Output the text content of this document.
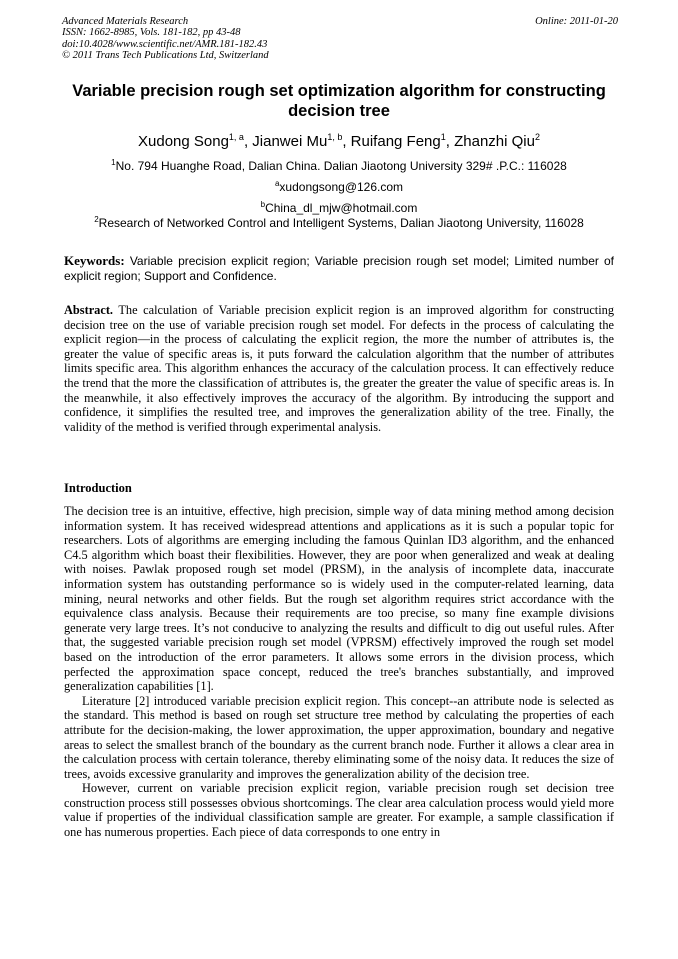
Advanced Materials Research
ISSN: 1662-8985, Vols. 181-182, pp 43-48
doi:10.4028/www.scientific.net/AMR.181-182.43
© 2011 Trans Tech Publications Ltd, Switzerland
Online: 2011-01-20
Variable precision rough set optimization algorithm for constructing decision tree
Xudong Song$^{1, a}$, Jianwei Mu$^{1, b}$, Ruifang Feng$^1$, Zhanzhi Qiu$^2$
$^1$No. 794 Huanghe Road, Dalian China. Dalian Jiaotong University 329# .P.C.: 116028
$^a$xudongsong@126.com
$^b$China_dl_mjw@hotmail.com
$^2$Research of Networked Control and Intelligent Systems, Dalian Jiaotong University, 116028
Keywords: Variable precision explicit region; Variable precision rough set model; Limited number of explicit region; Support and Confidence.

Abstract. The calculation of Variable precision explicit region is an improved algorithm for constructing decision tree on the use of variable precision rough set model. For defects in the process of calculating the explicit region—in the process of calculating the explicit region, the more the number of attributes is, the greater the value of specific areas is, it puts forward the calculation algorithm that the number of attributes limits specific area. This algorithm enhances the accuracy of the calculation process. It can effectively reduce the trend that the more the classification of attributes is, the greater the greater the value of specific areas is. In the meanwhile, it also effectively improves the accuracy of the algorithm. By introducing the support and confidence, it simplifies the resulted tree, and improves the generalization ability of the tree. Finally, the validity of the method is verified through experimental analysis.

Introduction

The decision tree is an intuitive, effective, high precision, simple way of data mining method among decision information system. It has received widespread attentions and applications as it is such a popular topic for researchers. Lots of algorithms are emerging including the famous Quinlan ID3 algorithm, and the enhanced C4.5 algorithm which boast their flexibilities. However, they are poor when generalized and weak at dealing with noises. Pawlak proposed rough set model (PRSM), in the analysis of incomplete data, inaccurate information system has outstanding performance so is widely used in the computer-related learning, data mining, neural networks and other fields. But the rough set algorithm requires strict accordance with the equivalence class analysis. Because their requirements are too precise, so many fine example divisions generate very large trees. It’s not conducive to analyzing the results and difficult to dig out useful rules. After that, the suggested variable precision rough set model (VPRSM) effectively improved the rough set model based on the introduction of the error parameters. It allows some errors in the division process, which perfected the approximation space concept, reduced the tree's branches substantially, and improved generalization capabilities [1].

Literature [2] introduced variable precision explicit region. This concept--an attribute node is selected as the standard. This method is based on rough set structure tree method by calculating the properties of each attribute for the decision-making, the lower approximation, the upper approximation, boundary and negative areas to select the smallest branch of the boundary as the current branch node. Further it allows a clear area in the calculation process with certain tolerance, thereby eliminating some of the noisy data. It reduces the size of trees, avoids excessive granularity and improves the generalization ability of the decision tree.

However, current on variable precision explicit region, variable precision rough set decision tree construction process still possesses obvious shortcomings. The clear area calculation process would yield more value if properties of the individual classification sample are greater. For example, a sample classification if one has numerous properties. Each piece of data corresponds to one entry in
